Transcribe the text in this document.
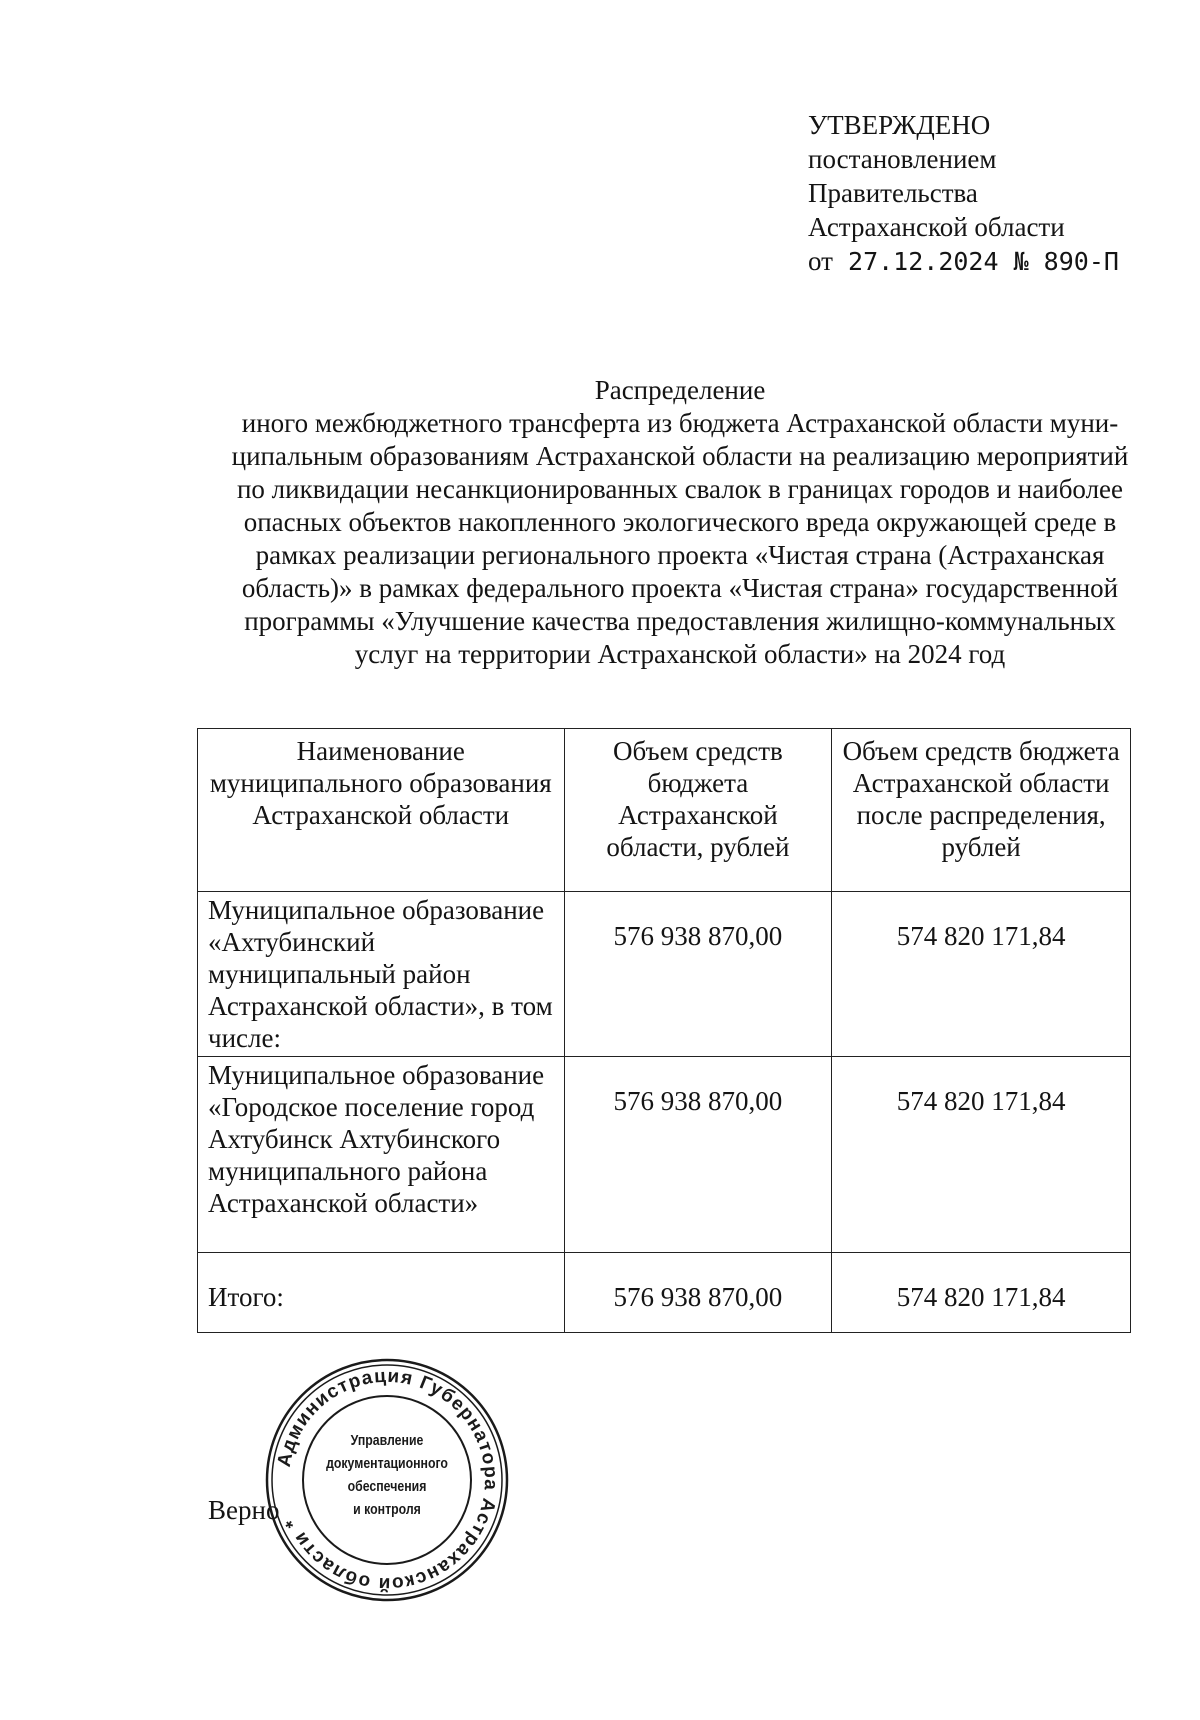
УТВЕРЖДЕНО
постановлением
Правительства
Астраханской области
от 27.12.2024 № 890-П
Распределение
иного межбюджетного трансферта из бюджета Астраханской области муни-
ципальным образованиям Астраханской области на реализацию мероприятий
по ликвидации несанкционированных свалок в границах городов и наиболее
опасных объектов накопленного экологического вреда окружающей среде в
рамках реализации регионального проекта «Чистая страна (Астраханская
область)» в рамках федерального проекта «Чистая страна» государственной
программы «Улучшение качества предоставления жилищно-коммунальных
услуг на территории Астраханской области» на 2024 год
Наименование муниципального образования Астраханской области	Объем средств бюджета Астраханской области, рублей	Объем средств бюджета Астраханской области после распределения, рублей
Муниципальное образование «Ахтубинский муниципальный район Астраханской области», в том числе:	576 938 870,00	574 820 171,84
Муниципальное образование «Городское поселение город Ахтубинск Ахтубинского муниципального района Астраханской области»	576 938 870,00	574 820 171,84
Итого:	576 938 870,00	574 820 171,84
Верно
Администрация Губернатора Астраханской области *
Управление
документационного
обеспечения
и контроля
